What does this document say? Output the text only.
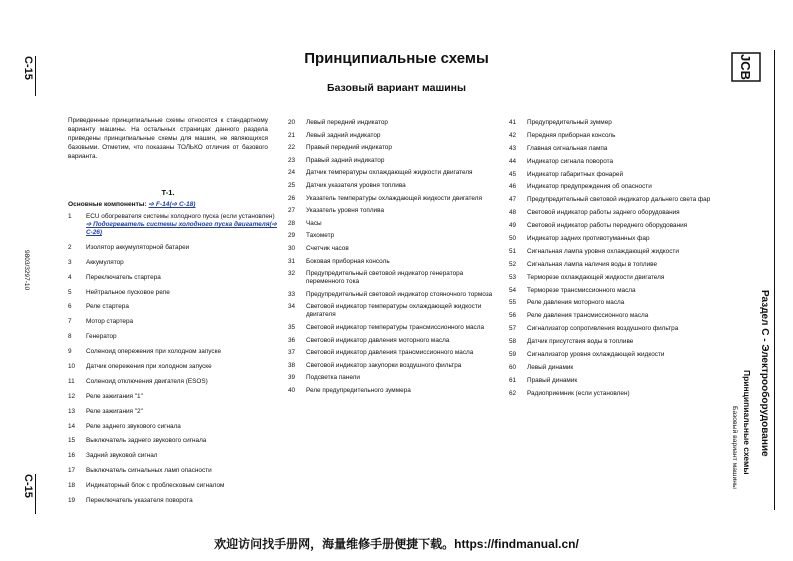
C-15
9803/3297-10
C-15
Принципиальные схемы
Базовый вариант машины
Приведенные принципиальные схемы относятся к стандартному варианту машины. На остальных страницах данного раздела приведены принципиальные схемы для машин, не являющихся базовыми. Отметим, что показаны ТОЛЬКО отличия от базового варианта.
T-1.
Основные компоненты: ➩ F-14(➩ C-18)
1	ECU обогревателя системы холодного пуска (если установлен) ➩ Подогреватель системы холодного пуска двигателя(➩ C-26)
2	Изолятор аккумуляторной батареи
3	Аккумулятор
4	Переключатель стартера
5	Нейтральное пусковое реле
6	Реле стартера
7	Мотор стартера
8	Генератор
9	Соленоид опережения при холодном запуске
10	Датчик опережения при холодном запуске
11	Соленоид отключения двигателя (ESOS)
12	Реле зажигания "1"
13	Реле зажигания "2"
14	Реле заднего звукового сигнала
15	Выключатель заднего звукового сигнала
16	Задний звуковой сигнал
17	Выключатель сигнальных ламп опасности
18	Индикаторный блок с проблесковым сигналом
19	Переключатель указателя поворота
20	Левый передний индикатор
21	Левый задний индикатор
22	Правый передний индикатор
23	Правый задний индикатор
24	Датчик температуры охлаждающей жидкости двигателя
25	Датчик указателя уровня топлива
26	Указатель температуры охлаждающей жидкости двигателя
27	Указатель уровня топлива
28	Часы
29	Тахометр
30	Счетчик часов
31	Боковая приборная консоль
32	Предупредительный световой индикатор генератора переменного тока
33	Предупредительный световой индикатор стояночного тормоза
34	Световой индикатор температуры охлаждающей жидкости двигателя
35	Световой индикатор температуры трансмиссионного масла
36	Световой индикатор давления моторного масла
37	Световой индикатор давления трансмиссионного масла
38	Световой индикатор закупорки воздушного фильтра
39	Подсветка панели
40	Реле предупредительного зуммера
41	Предупредительный зуммер
42	Передняя приборная консоль
43	Главная сигнальная лампа
44	Индикатор сигнала поворота
45	Индикатор габаритных фонарей
46	Индикатор предупреждения об опасности
47	Предупредительный световой индикатор дальнего света фар
48	Световой индикатор работы заднего оборудования
49	Световой индикатор работы переднего оборудования
50	Индикатор задних противотуманных фар
51	Сигнальная лампа уровня охлаждающей жидкости
52	Сигнальная лампа наличия воды в топливе
53	Терморезе охлаждающей жидкости двигателя
54	Терморезе трансмиссионного масла
55	Реле давления моторного масла
56	Реле давления трансмиссионного масла
57	Сигнализатор сопротивления воздушного фильтра
58	Датчик присутствия воды в топливе
59	Сигнализатор уровня охлаждающей жидкости
60	Левый динамик
61	Правый динамик
62	Радиоприемник (если установлен)
JCB
Раздел С - Электрооборудование
Принципиальные схемы
Базовый вариант машины
欢迎访问找手册网，海量维修手册便捷下载。https://findmanual.cn/
